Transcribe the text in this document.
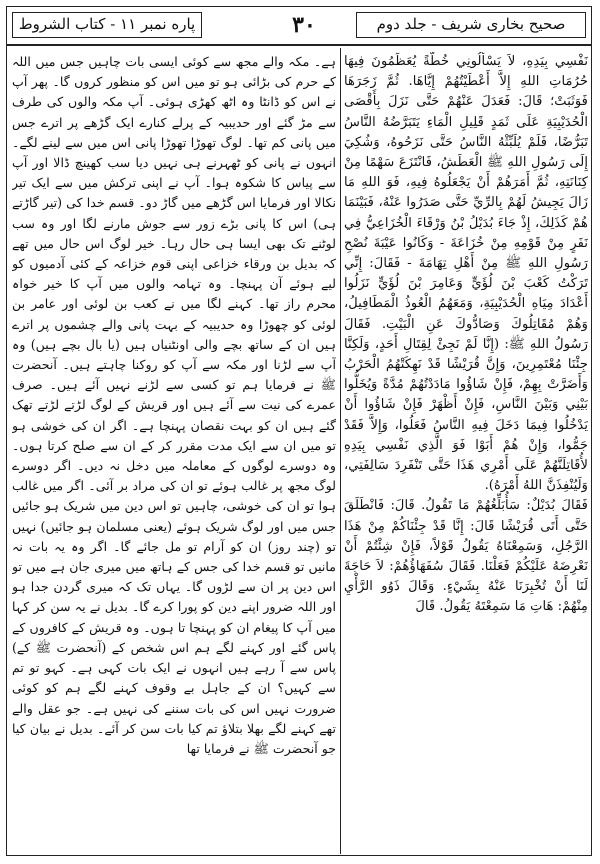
صحيح بخاری شريف - جلد دوم
۳۰
پاره نمبر ۱۱ - کتاب الشروط

نَفْسِي بِيَدِهِ، لاَ يَسْأَلُونِي خُطَّةً يُعَظِّمُونَ فِيهَا حُرُمَاتِ اللهِ إِلاَّ أَعْطَيْتُهُمْ إِيَّاهَا. ثُمَّ زَجَرَهَا فَوَثَبَتْ؛ قَالَ: فَعَدَلَ عَنْهُمْ حَتَّى نَزَلَ بِأَقْصَى الْحُدَيْبِيَةِ عَلَى ثَمَدٍ قَلِيلِ الْمَاءِ يَتَبَرَّضُهُ النَّاسُ تَبَرُّضًا، فَلَمْ يُلَبِّثْهُ النَّاسُ حَتَّى نَزَحُوهُ، وَشُكِيَ إِلَى رَسُولِ اللهِ ﷺ الْعَطَشُ، فَانْتَزَعَ سَهْمًا مِنْ كِنَانَتِهِ، ثُمَّ أَمَرَهُمْ أَنْ يَجْعَلُوهُ فِيهِ، فَوَ اللهِ مَا زَالَ يَجِيشُ لَهُمْ بِالرِّيِّ حَتَّى صَدَرُوا عَنْهُ، فَبَيْنَمَا هُمْ كَذَلِكَ، إِذْ جَاءَ بُدَيْلُ بْنُ وَرْقَاءَ الْخُزَاعِيُّ فِي نَفَرٍ مِنْ قَوْمِهِ مِنْ خُزَاعَةَ - وَكَانُوا عَيْبَةَ نُصْحِ رَسُولِ اللهِ ﷺ مِنْ أَهْلِ تِهَامَةَ - فَقَالَ: إِنِّي تَرَكْتُ كَعْبَ بْنَ لُؤَيٍّ وَعَامِرَ بْنَ لُؤَيٍّ نَزَلُوا أَعْدَادَ مِيَاهِ الْحُدَيْبِيَةِ، وَمَعَهُمُ الْعُوذُ الْمَطَافِيلُ، وَهُمْ مُقَاتِلُوكَ وَصَادُّوكَ عَنِ الْبَيْتِ. فَقَالَ رَسُولُ اللهِ ﷺ: (إِنَّا لَمْ نَجِئْ لِقِتَالِ أَحَدٍ، وَلَكِنَّا جِئْنَا مُعْتَمِرِينَ، وَإِنَّ قُرَيْشًا قَدْ نَهِكَتْهُمُ الْحَرْبُ وَأَضَرَّتْ بِهِمْ، فَإِنْ شَاؤُوا مَادَدْتُهُمْ مُدَّةً وَيُخَلُّوا بَيْنِي وَبَيْنَ النَّاسِ، فَإِنْ أَظْهَرْ فَإِنْ شَاؤُوا أَنْ يَدْخُلُوا فِيمَا دَخَلَ فِيهِ النَّاسُ فَعَلُوا، وَإِلاَّ فَقَدْ جَمُّوا، وَإِنْ هُمْ أَبَوْا فَوَ الَّذِي نَفْسِي بِيَدِهِ لأُقَاتِلَنَّهُمْ عَلَى أَمْرِي هَذَا حَتَّى تَنْفَرِدَ سَالِفَتِي، وَلَيُنْفِذَنَّ اللهُ أَمْرَهُ).

فَقَالَ بُدَيْلٌ: سَأُبَلِّغُهُمْ مَا تَقُولُ. قَالَ: فَانْطَلَقَ حَتَّى أَتَى قُرَيْشًا قَالَ: إِنَّا قَدْ جِئْنَاكُمْ مِنْ هَذَا الرَّجُلِ، وَسَمِعْنَاهُ يَقُولُ قَوْلاً، فَإِنْ شِئْتُمْ أَنْ نَعْرِضَهُ عَلَيْكُمْ فَعَلْنَا. فَقَالَ سُفَهَاؤُهُمْ: لاَ حَاجَةَ لَنَا أَنْ تُخْبِرَنَا عَنْهُ بِشَيْءٍ. وَقَالَ ذَوُو الرَّأْيِ مِنْهُمْ: هَاتِ مَا سَمِعْتَهُ يَقُولُ. قَالَ

ہے۔ مکہ والے مجھ سے کوئی ایسی بات چاہیں جس میں اللہ کے حرم کی بڑائی ہو تو میں اس کو منظور کروں گا۔ پھر آپ نے اس کو ڈانٹا وہ اٹھ کھڑی ہوئی۔ آپ مکہ والوں کی طرف سے مڑ گئے اور حدیبیہ کے پرلے کنارے ایک گڑھے پر اترے جس میں پانی کم تھا۔ لوگ تھوڑا تھوڑا پانی اس میں سے لینے لگے۔ انہوں نے پانی کو ٹھہرنے ہی نہیں دیا سب کھینچ ڈالا اور آپ سے پیاس کا شکوہ ہوا۔ آپ نے اپنی ترکش میں سے ایک تیر نکالا اور فرمایا اس گڑھے میں گاڑ دو۔ قسم خدا کی (تیر گاڑتے ہی) اس کا پانی بڑے زور سے جوش مارنے لگا اور وہ سب لوٹنے تک بھی ایسا ہی حال رہا۔ خیر لوگ اس حال میں تھے کہ بدیل بن ورقاء خزاعی اپنی قوم خزاعہ کے کئی آدمیوں کو لیے ہوئے آن پہنچا۔ وہ تہامہ والوں میں آپ کا خیر خواہ محرم راز تھا۔ کہنے لگا میں نے کعب بن لوئی اور عامر بن لوئی کو چھوڑا وہ حدیبیہ کے بہت پانی والے چشموں پر اترے ہیں ان کے ساتھ بچے والی اونٹنیاں ہیں (یا بال بچے ہیں) وہ آپ سے لڑنا اور مکہ سے آپ کو روکنا چاہتے ہیں۔ آنحضرت ﷺ نے فرمایا ہم تو کسی سے لڑنے نہیں آئے ہیں۔ صرف عمرے کی نیت سے آئے ہیں اور قریش کے لوگ لڑتے لڑتے تھک گئے ہیں ان کو بہت نقصان پہنچا ہے۔ اگر ان کی خوشی ہو تو میں ان سے ایک مدت مقرر کر کے ان سے صلح کرتا ہوں۔ وہ دوسرے لوگوں کے معاملہ میں دخل نہ دیں۔ اگر دوسرے لوگ مجھ پر غالب ہوئے تو ان کی مراد بر آئی۔ اگر میں غالب ہوا تو ان کی خوشی، چاہیں تو اس دین میں شریک ہو جائیں جس میں اور لوگ شریک ہوئے (یعنی مسلمان ہو جائیں) نہیں تو (چند روز) ان کو آرام تو مل جائے گا۔ اگر وہ یہ بات نہ مانیں تو قسم خدا کی جس کے ہاتھ میں میری جان ہے میں تو اس دین پر ان سے لڑوں گا۔ یہاں تک کہ میری گردن جدا ہو اور اللہ ضرور اپنے دین کو پورا کرے گا۔ بدیل نے یہ سن کر کہا میں آپ کا پیغام ان کو پہنچا تا ہوں۔ وہ قریش کے کافروں کے پاس گئے اور کہنے لگے ہم اس شخص کے (آنحضرت ﷺ کے) پاس سے آ رہے ہیں انہوں نے ایک بات کہی ہے۔ کہو تو تم سے کہیں؟ ان کے جاہل بے وقوف کہنے لگے ہم کو کوئی ضرورت نہیں اس کی بات سننے کی نہیں ہے۔ جو عقل والے تھے کہنے لگے بھلا بتلاؤ تم کیا بات سن کر آئے۔ بدیل نے بیان کیا جو آنحضرت ﷺ نے فرمایا تھا
